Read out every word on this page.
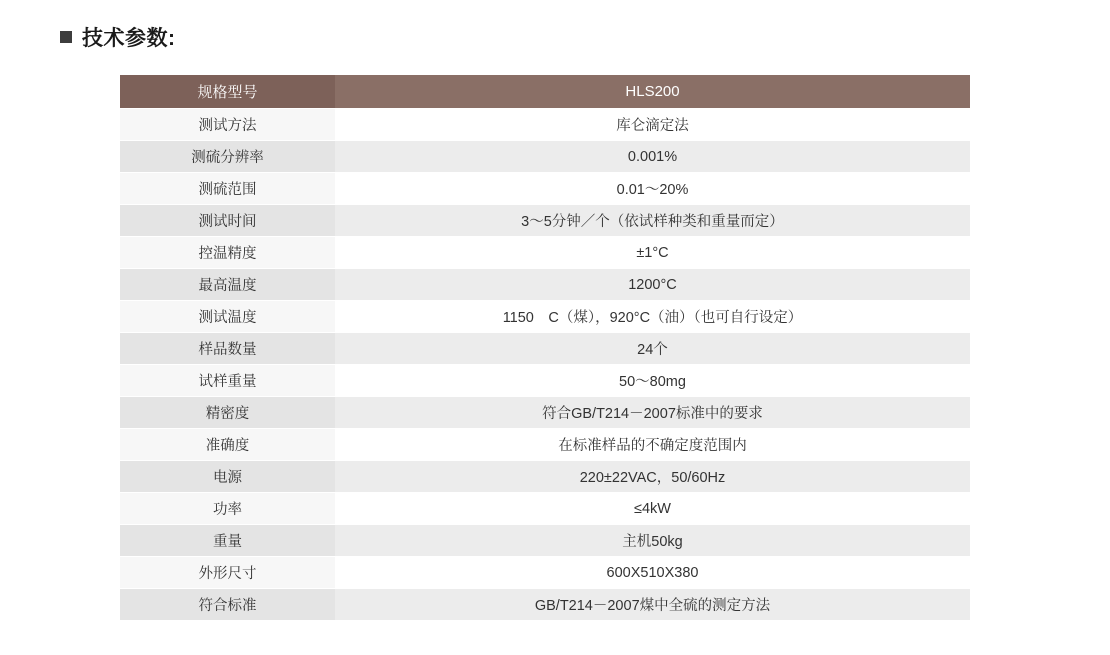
技术参数:
规格型号	HLS200
测试方法	库仑滴定法
测硫分辨率	0.001%
测硫范围	0.01～20%
测试时间	3～5分钟／个（依试样种类和重量而定）
控温精度	±1°C
最高温度	1200°C
测试温度	1150　C（煤），920°C（油）（也可自行设定）
样品数量	24个
试样重量	50～80mg
精密度	符合GB/T214－2007标准中的要求
准确度	在标准样品的不确定度范围内
电源	220±22VAC，50/60Hz
功率	≤4kW
重量	主机50kg
外形尺寸	600X510X380
符合标准	GB/T214－2007煤中全硫的测定方法
